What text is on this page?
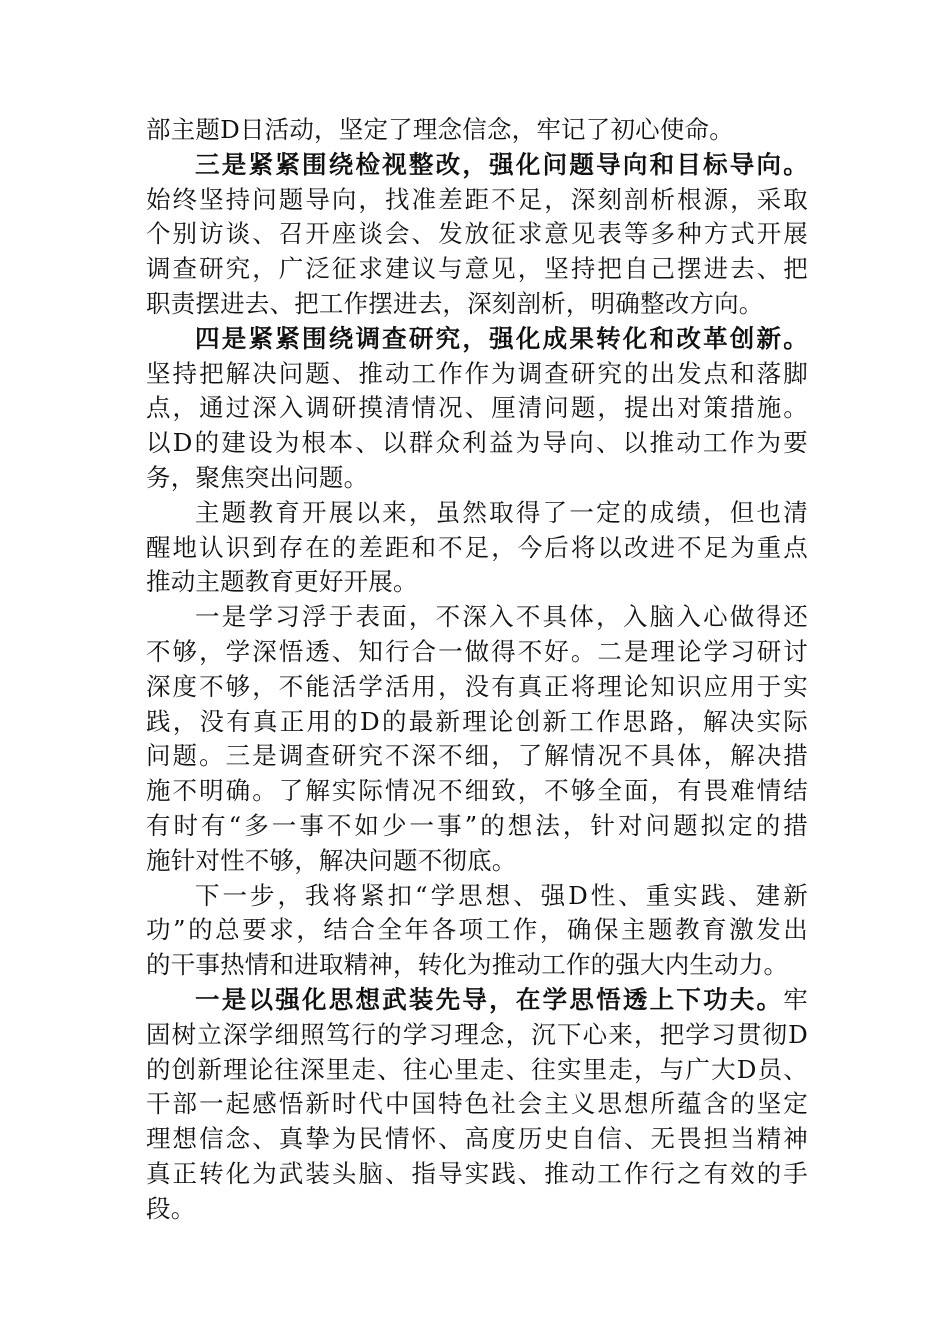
部主题D日活动，坚定了理念信念，牢记了初心使命。
三是紧紧围绕检视整改，强化问题导向和目标导向。
始终坚持问题导向，找准差距不足，深刻剖析根源，采取
个别访谈、召开座谈会、发放征求意见表等多种方式开展
调查研究，广泛征求建议与意见，坚持把自己摆进去、把
职责摆进去、把工作摆进去，深刻剖析，明确整改方向。
四是紧紧围绕调查研究，强化成果转化和改革创新。
坚持把解决问题、推动工作作为调查研究的出发点和落脚
点，通过深入调研摸清情况、厘清问题，提出对策措施。
以D的建设为根本、以群众利益为导向、以推动工作为要
务，聚焦突出问题。
主题教育开展以来，虽然取得了一定的成绩，但也清
醒地认识到存在的差距和不足，今后将以改进不足为重点
推动主题教育更好开展。
一是学习浮于表面，不深入不具体，入脑入心做得还
不够，学深悟透、知行合一做得不好。二是理论学习研讨
深度不够，不能活学活用，没有真正将理论知识应用于实
践，没有真正用的D的最新理论创新工作思路，解决实际
问题。三是调查研究不深不细，了解情况不具体，解决措
施不明确。了解实际情况不细致，不够全面，有畏难情结
有时有“多一事不如少一事”的想法，针对问题拟定的措
施针对性不够，解决问题不彻底。
下一步，我将紧扣“学思想、强D性、重实践、建新
功”的总要求，结合全年各项工作，确保主题教育激发出
的干事热情和进取精神，转化为推动工作的强大内生动力。
一是以强化思想武装先导，在学思悟透上下功夫。牢
固树立深学细照笃行的学习理念，沉下心来，把学习贯彻D
的创新理论往深里走、往心里走、往实里走，与广大D员、
干部一起感悟新时代中国特色社会主义思想所蕴含的坚定
理想信念、真挚为民情怀、高度历史自信、无畏担当精神
真正转化为武装头脑、指导实践、推动工作行之有效的手
段。
